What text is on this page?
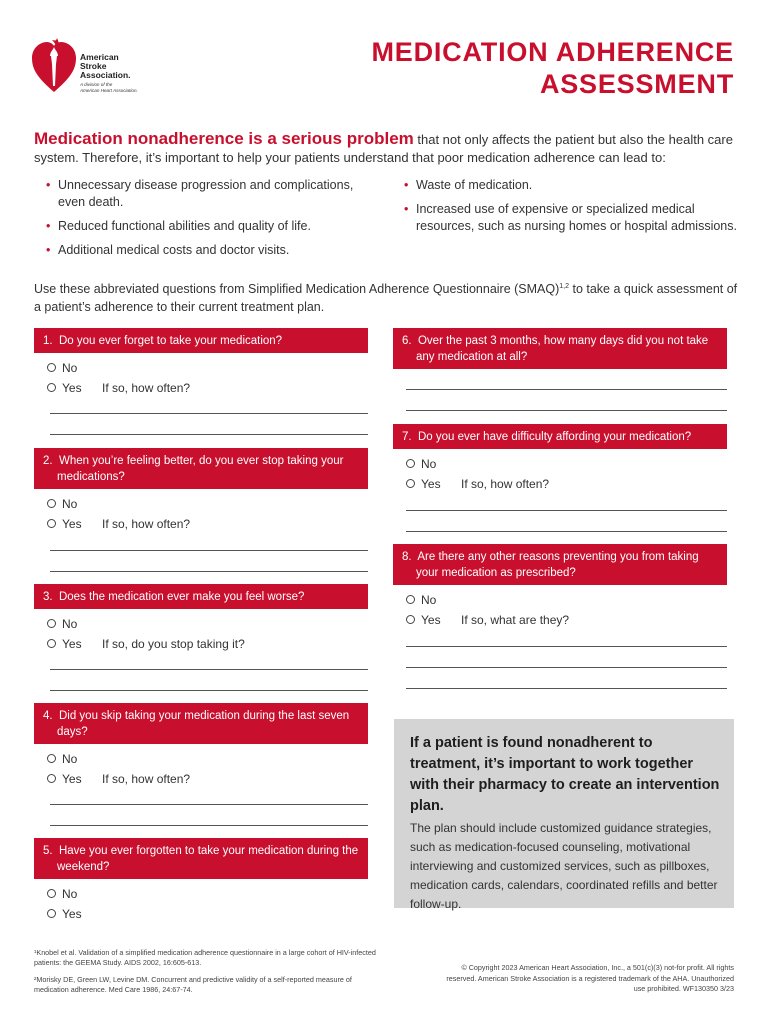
American
Stroke
Association.
A division of the
American Heart Association.
MEDICATION ADHERENCE
ASSESSMENT
Medication nonadherence is a serious problem that not only affects the patient but also the health care system. Therefore, it’s important to help your patients understand that poor medication adherence can lead to:
• Unnecessary disease progression and complications, even death.
• Reduced functional abilities and quality of life.
• Additional medical costs and doctor visits.
• Waste of medication.
• Increased use of expensive or specialized medical resources, such as nursing homes or hospital admissions.
Use these abbreviated questions from Simplified Medication Adherence Questionnaire (SMAQ)$^{1,2}$ to take a quick assessment of a patient’s adherence to their current treatment plan.
1. Do you ever forget to take your medication?
No
Yes If so, how often?
2. When you’re feeling better, do you ever stop taking your medications?
No
Yes If so, how often?
3. Does the medication ever make you feel worse?
No
Yes If so, do you stop taking it?
4. Did you skip taking your medication during the last seven days?
No
Yes If so, how often?
5. Have you ever forgotten to take your medication during the weekend?
No
Yes
6. Over the past 3 months, how many days did you not take any medication at all?
7. Do you ever have difficulty affording your medication?
No
Yes If so, how often?
8. Are there any other reasons preventing you from taking your medication as prescribed?
No
Yes If so, what are they?
If a patient is found nonadherent to treatment, it’s important to work together with their pharmacy to create an intervention plan.
The plan should include customized guidance strategies, such as medication-focused counseling, motivational interviewing and customized services, such as pillboxes, medication cards, calendars, coordinated refills and better follow-up.
¹Knobel et al. Validation of a simplified medication adherence questionnaire in a large cohort of HIV-infected patients: the GEEMA Study. AIDS 2002, 16:605-613.
²Morisky DE, Green LW, Levine DM. Concurrent and predictive validity of a self-reported measure of medication adherence. Med Care 1986, 24:67-74.
© Copyright 2023 American Heart Association, Inc., a 501(c)(3) not-for profit. All rights reserved. American Stroke Association is a registered trademark of the AHA. Unauthorized use prohibited. WF130350 3/23
